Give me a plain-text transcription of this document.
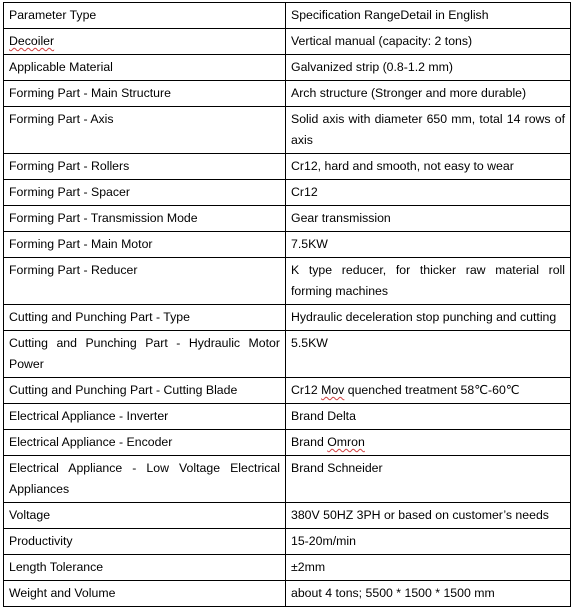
Parameter Type	Specification RangeDetail in English
Decoiler	Vertical manual (capacity: 2 tons)
Applicable Material	Galvanized strip (0.8-1.2 mm)
Forming Part - Main Structure	Arch structure (Stronger and more durable)
Forming Part - Axis	Solid axis with diameter 650 mm, total 14 rows of axis
Forming Part - Rollers	Cr12, hard and smooth, not easy to wear
Forming Part - Spacer	Cr12
Forming Part - Transmission Mode	Gear transmission
Forming Part - Main Motor	7.5KW
Forming Part - Reducer	K type reducer, for thicker raw material roll forming machines
Cutting and Punching Part - Type	Hydraulic deceleration stop punching and cutting
Cutting and Punching Part - Hydraulic Motor Power	5.5KW
Cutting and Punching Part - Cutting Blade	Cr12 Mov quenched treatment 58℃-60℃
Electrical Appliance - Inverter	Brand Delta
Electrical Appliance - Encoder	Brand Omron
Electrical Appliance - Low Voltage Electrical Appliances	Brand Schneider
Voltage	380V 50HZ 3PH or based on customer’s needs
Productivity	15-20m/min
Length Tolerance	±2mm
Weight and Volume	about 4 tons; 5500 * 1500 * 1500 mm
